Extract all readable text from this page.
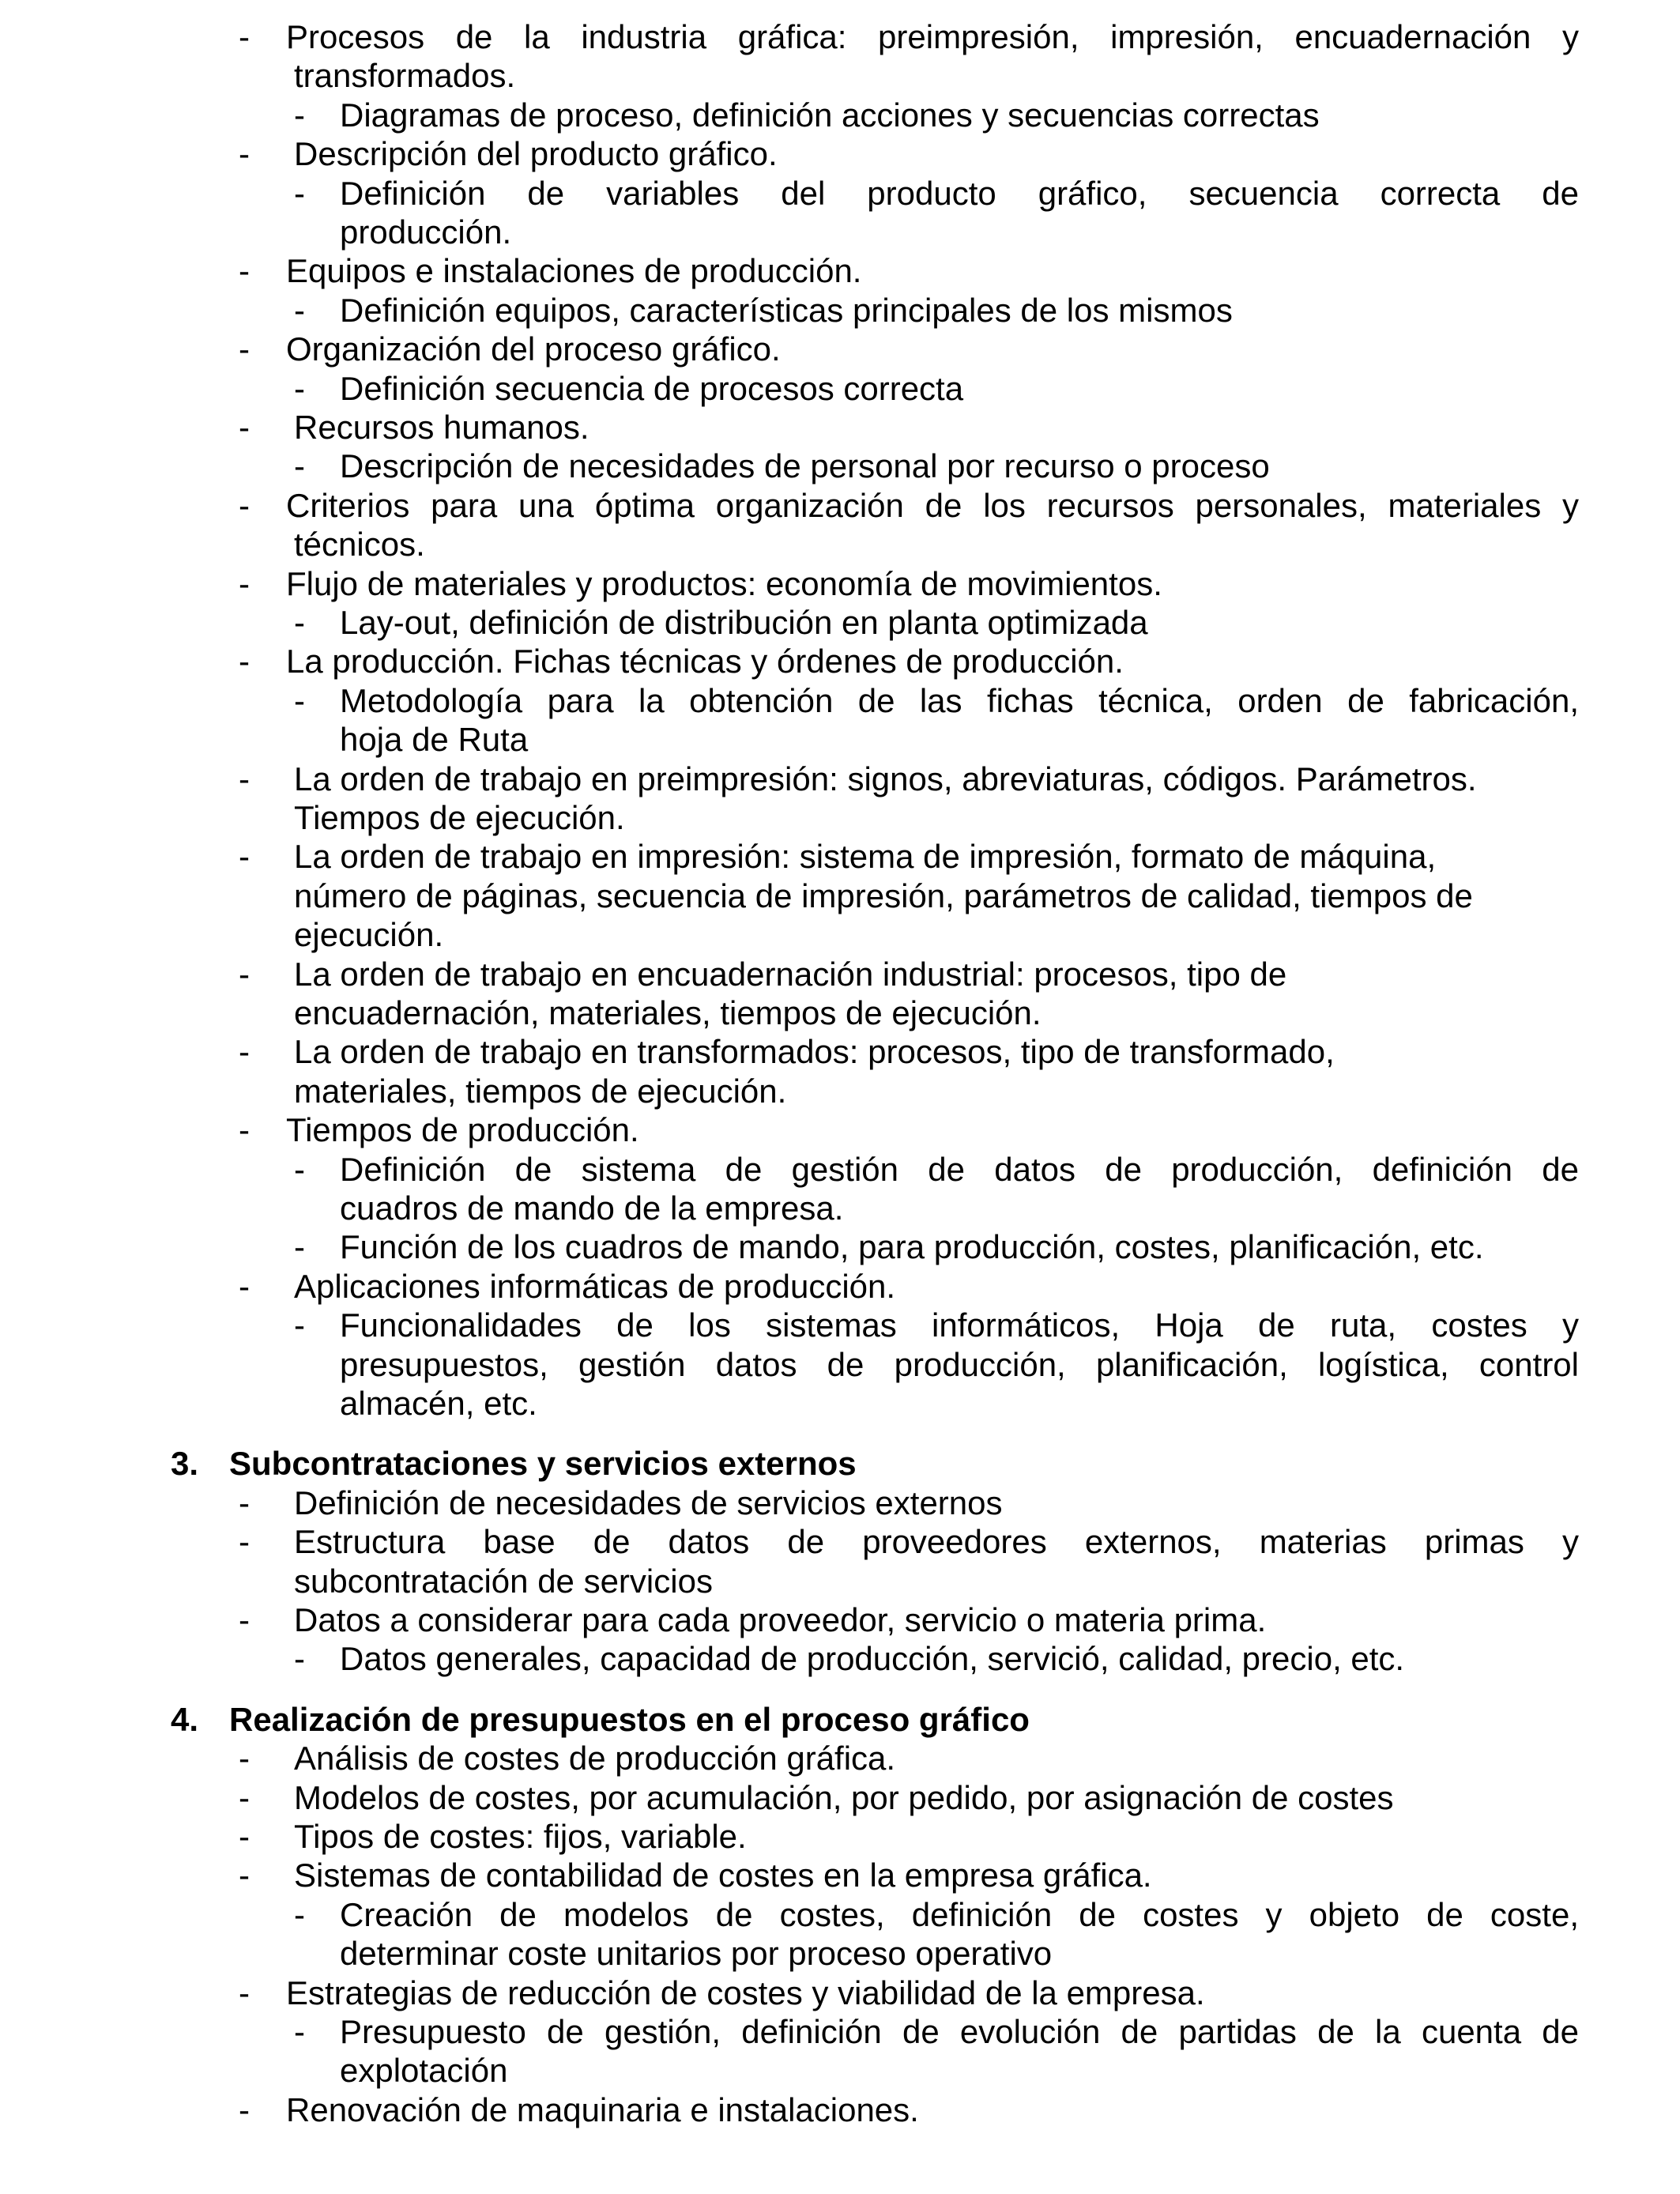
- Procesos de la industria gráfica: preimpresión, impresión, encuadernación y
transformados.
- Diagramas de proceso, definición acciones y secuencias correctas
- Descripción del producto gráfico.
- Definición de variables del producto gráfico, secuencia correcta de
producción.
- Equipos e instalaciones de producción.
- Definición equipos, características principales de los mismos
- Organización del proceso gráfico.
- Definición secuencia de procesos correcta
- Recursos humanos.
- Descripción de necesidades de personal por recurso o proceso
- Criterios para una óptima organización de los recursos personales, materiales y
técnicos.
- Flujo de materiales y productos: economía de movimientos.
- Lay-out, definición de distribución en planta optimizada
- La producción. Fichas técnicas y órdenes de producción.
- Metodología para la obtención de las fichas técnica, orden de fabricación,
hoja de Ruta
- La orden de trabajo en preimpresión: signos, abreviaturas, códigos. Parámetros.
Tiempos de ejecución.
- La orden de trabajo en impresión: sistema de impresión, formato de máquina,
número de páginas, secuencia de impresión, parámetros de calidad, tiempos de
ejecución.
- La orden de trabajo en encuadernación industrial: procesos, tipo de
encuadernación, materiales, tiempos de ejecución.
- La orden de trabajo en transformados: procesos, tipo de transformado,
materiales, tiempos de ejecución.
- Tiempos de producción.
- Definición de sistema de gestión de datos de producción, definición de
cuadros de mando de la empresa.
- Función de los cuadros de mando, para producción, costes, planificación, etc.
- Aplicaciones informáticas de producción.
- Funcionalidades de los sistemas informáticos, Hoja de ruta, costes y
presupuestos, gestión datos de producción, planificación, logística, control
almacén, etc.
3. Subcontrataciones y servicios externos
- Definición de necesidades de servicios externos
- Estructura base de datos de proveedores externos, materias primas y
subcontratación de servicios
- Datos a considerar para cada proveedor, servicio o materia prima.
- Datos generales, capacidad de producción, servició, calidad, precio, etc.
4. Realización de presupuestos en el proceso gráfico
- Análisis de costes de producción gráfica.
- Modelos de costes, por acumulación, por pedido, por asignación de costes
- Tipos de costes: fijos, variable.
- Sistemas de contabilidad de costes en la empresa gráfica.
- Creación de modelos de costes, definición de costes y objeto de coste,
determinar coste unitarios por proceso operativo
- Estrategias de reducción de costes y viabilidad de la empresa.
- Presupuesto de gestión, definición de evolución de partidas de la cuenta de
explotación
- Renovación de maquinaria e instalaciones.
